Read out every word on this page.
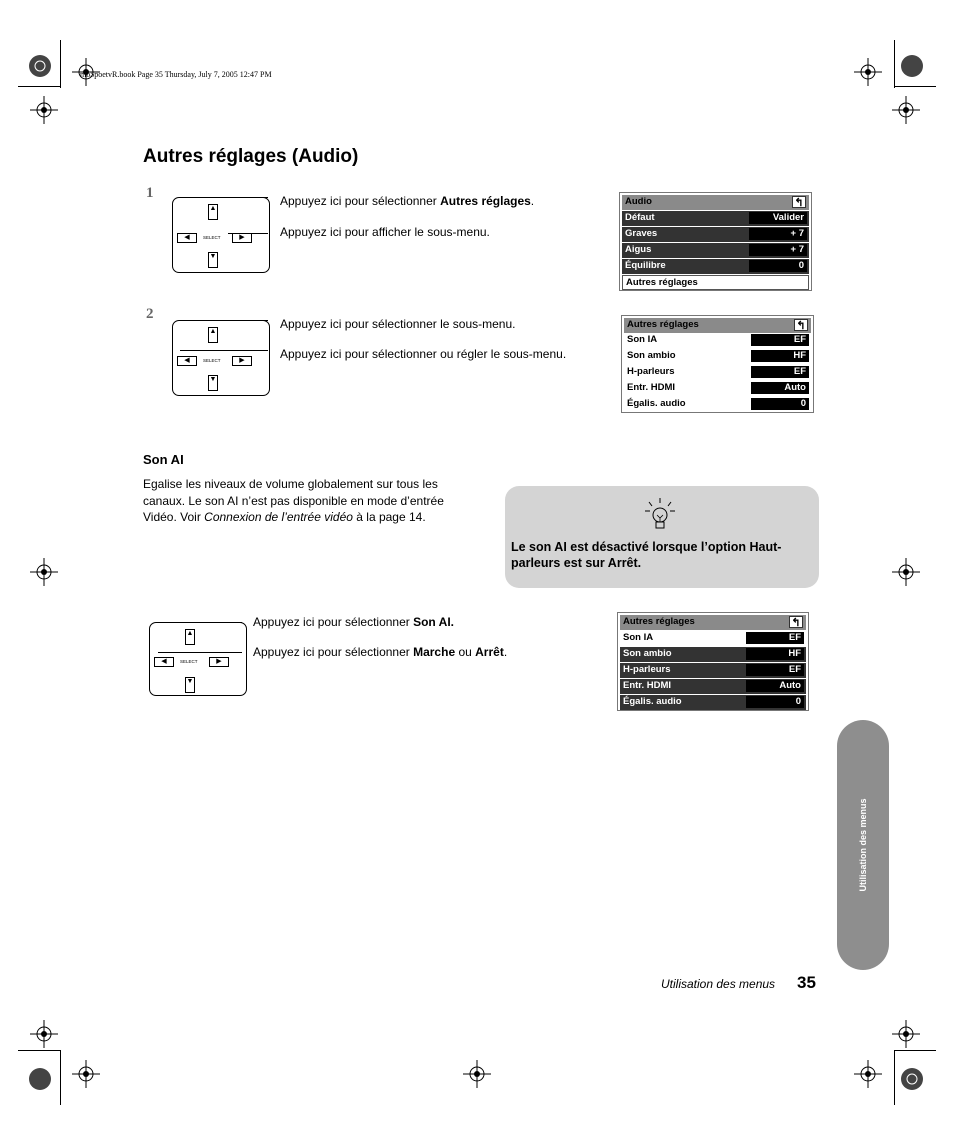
mb5poetvR.book Page 35 Thursday, July 7, 2005 12:47 PM
Autres réglages (Audio)
1
▲
▼
◀	▶
SELECT
Appuyez ici pour sélectionner Autres réglages.
Appuyez ici pour afficher le sous-menu.
Audio	↰
Défaut	Valider
Graves	+ 7
Aigus	+ 7
Équilibre	0
Autres réglages
2
▲
▼
◀	▶
SELECT
Appuyez ici pour sélectionner le sous-menu.
Appuyez ici pour sélectionner ou régler le sous-menu.
Autres réglages	↰
Son IA	EF
Son ambio	HF
H-parleurs	EF
Entr. HDMI	Auto
Égalis. audio	0
Son AI
Egalise les niveaux de volume globalement sur tous les canaux. Le son AI n’est pas disponible en mode d’entrée Vidéo. Voir Connexion de l’entrée vidéo à la page 14.
Le son AI est désactivé lorsque l’option Haut-parleurs est sur Arrêt.
▲
▼
◀	▶
SELECT
Appuyez ici pour sélectionner Son AI.
Appuyez ici pour sélectionner Marche ou Arrêt.
Autres réglages	↰
Son IA	EF
Son ambio	HF
H-parleurs	EF
Entr. HDMI	Auto
Égalis. audio	0
Utilisation des menus
Utilisation des menus 35
